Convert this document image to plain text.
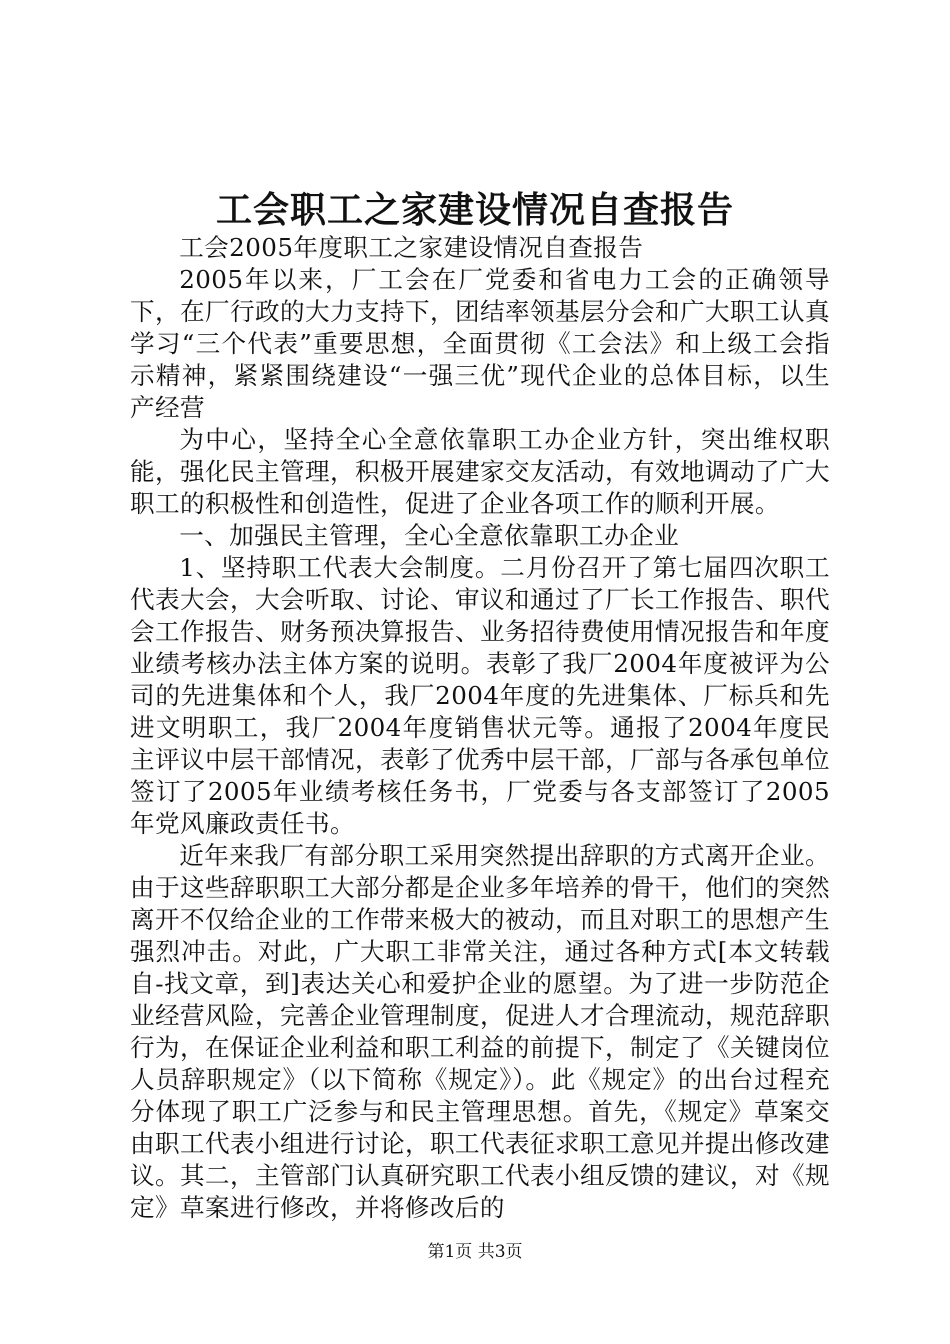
工会职工之家建设情况自查报告

工会2005年度职工之家建设情况自查报告

2005年以来，厂工会在厂党委和省电力工会的正确领导下，在厂行政的大力支持下，团结率领基层分会和广大职工认真学习“三个代表”重要思想，全面贯彻《工会法》和上级工会指示精神，紧紧围绕建设“一强三优”现代企业的总体目标，以生产经营

为中心，坚持全心全意依靠职工办企业方针，突出维权职能，强化民主管理，积极开展建家交友活动，有效地调动了广大职工的积极性和创造性，促进了企业各项工作的顺利开展。

一、加强民主管理，全心全意依靠职工办企业

1、坚持职工代表大会制度。二月份召开了第七届四次职工代表大会，大会听取、讨论、审议和通过了厂长工作报告、职代会工作报告、财务预决算报告、业务招待费使用情况报告和年度业绩考核办法主体方案的说明。表彰了我厂2004年度被评为公司的先进集体和个人，我厂2004年度的先进集体、厂标兵和先进文明职工，我厂2004年度销售状元等。通报了2004年度民主评议中层干部情况，表彰了优秀中层干部，厂部与各承包单位签订了2005年业绩考核任务书，厂党委与各支部签订了2005年党风廉政责任书。

近年来我厂有部分职工采用突然提出辞职的方式离开企业。由于这些辞职职工大部分都是企业多年培养的骨干，他们的突然离开不仅给企业的工作带来极大的被动，而且对职工的思想产生强烈冲击。对此，广大职工非常关注，通过各种方式[本文转载自-找文章，到]表达关心和爱护企业的愿望。为了进一步防范企业经营风险，完善企业管理制度，促进人才合理流动，规范辞职行为，在保证企业利益和职工利益的前提下，制定了《关键岗位人员辞职规定》（以下简称《规定》）。此《规定》的出台过程充分体现了职工广泛参与和民主管理思想。首先，《规定》草案交由职工代表小组进行讨论，职工代表征求职工意见并提出修改建议。其二，主管部门认真研究职工代表小组反馈的建议，对《规定》草案进行修改，并将修改后的

第1页 共3页
